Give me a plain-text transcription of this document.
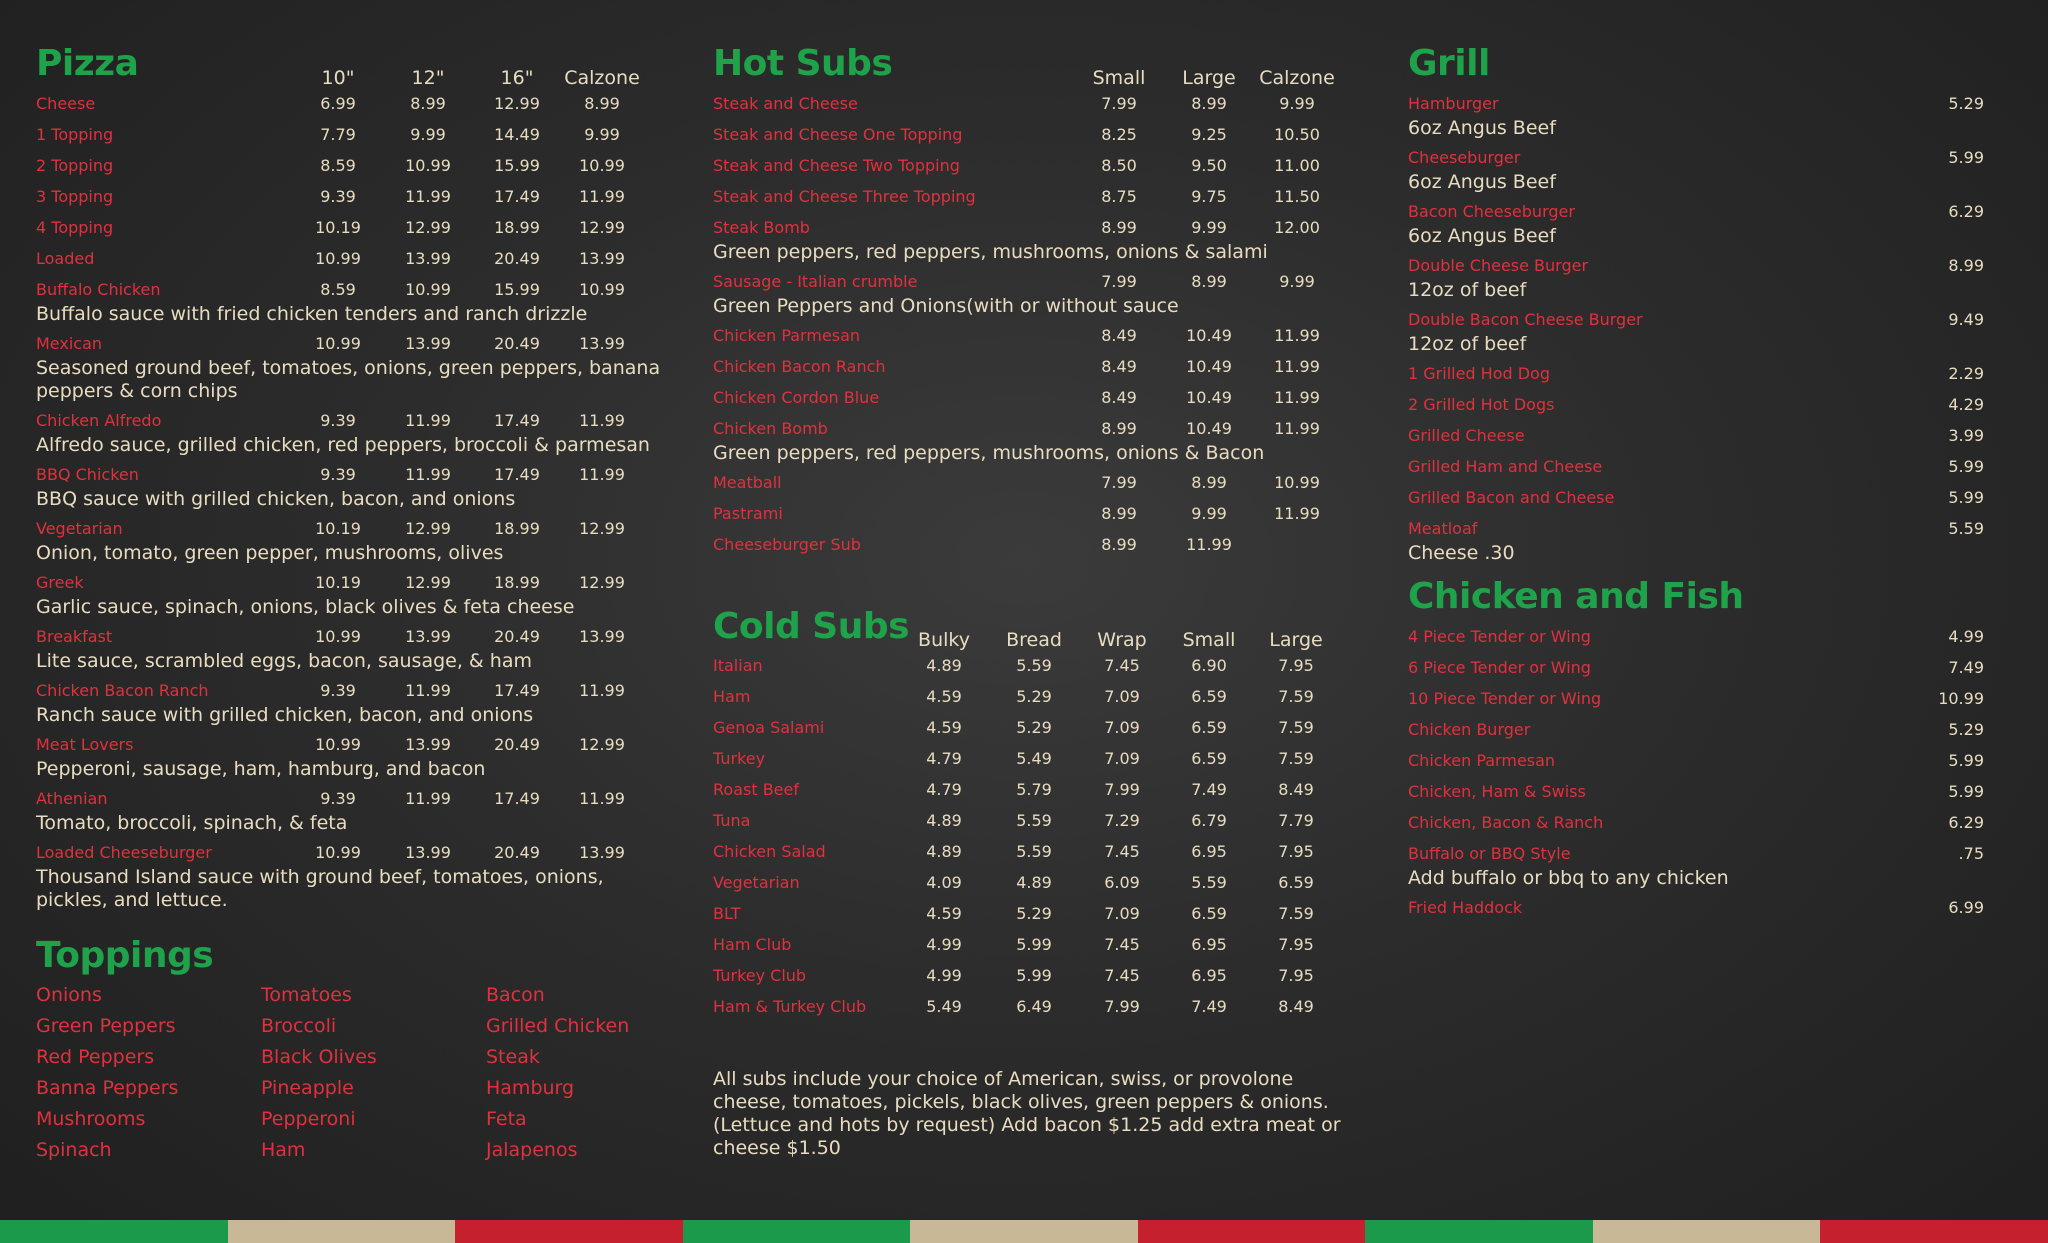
Pizza	10"	12"	16"	Calzone
Cheese	6.99	8.99	12.99	8.99
1 Topping	7.79	9.99	14.49	9.99
2 Topping	8.59	10.99	15.99	10.99
3 Topping	9.39	11.99	17.49	11.99
4 Topping	10.19	12.99	18.99	12.99
Loaded	10.99	13.99	20.49	13.99
Buffalo Chicken	8.59	10.99	15.99	10.99
Buffalo sauce with fried chicken tenders and ranch drizzle
Mexican	10.99	13.99	20.49	13.99
Seasoned ground beef, tomatoes, onions, green peppers, banana
peppers & corn chips
Chicken Alfredo	9.39	11.99	17.49	11.99
Alfredo sauce, grilled chicken, red peppers, broccoli & parmesan
BBQ Chicken	9.39	11.99	17.49	11.99
BBQ sauce with grilled chicken, bacon, and onions
Vegetarian	10.19	12.99	18.99	12.99
Onion, tomato, green pepper, mushrooms, olives
Greek	10.19	12.99	18.99	12.99
Garlic sauce, spinach, onions, black olives & feta cheese
Breakfast	10.99	13.99	20.49	13.99
Lite sauce, scrambled eggs, bacon, sausage, & ham
Chicken Bacon Ranch	9.39	11.99	17.49	11.99
Ranch sauce with grilled chicken, bacon, and onions
Meat Lovers	10.99	13.99	20.49	12.99
Pepperoni, sausage, ham, hamburg, and bacon
Athenian	9.39	11.99	17.49	11.99
Tomato, broccoli, spinach, & feta
Loaded Cheeseburger	10.99	13.99	20.49	13.99
Thousand Island sauce with ground beef, tomatoes, onions,
pickles, and lettuce.
Toppings
Onions
Green Peppers
Red Peppers
Banna Peppers
Mushrooms
Spinach
Tomatoes
Broccoli
Black Olives
Pineapple
Pepperoni
Ham
Bacon
Grilled Chicken
Steak
Hamburg
Feta
Jalapenos
Hot Subs	Small	Large	Calzone
Steak and Cheese	7.99	8.99	9.99
Steak and Cheese One Topping	8.25	9.25	10.50
Steak and Cheese Two Topping	8.50	9.50	11.00
Steak and Cheese Three Topping	8.75	9.75	11.50
Steak Bomb	8.99	9.99	12.00
Green peppers, red peppers, mushrooms, onions & salami
Sausage - Italian crumble	7.99	8.99	9.99
Green Peppers and Onions(with or without sauce
Chicken Parmesan	8.49	10.49	11.99
Chicken Bacon Ranch	8.49	10.49	11.99
Chicken Cordon Blue	8.49	10.49	11.99
Chicken Bomb	8.99	10.49	11.99
Green peppers, red peppers, mushrooms, onions & Bacon
Meatball	7.99	8.99	10.99
Pastrami	8.99	9.99	11.99
Cheeseburger Sub	8.99	11.99
Cold Subs
All subs include your choice of American, swiss, or provolone cheese, tomatoes, pickels, black olives, green peppers & onions. (Lettuce and hots by request) Add bacon $1.25 add extra meat or cheese $1.50
Bulky	Bread	Wrap	Small	Large
Italian	4.89	5.59	7.45	6.90	7.95
Ham	4.59	5.29	7.09	6.59	7.59
Genoa Salami	4.59	5.29	7.09	6.59	7.59
Turkey	4.79	5.49	7.09	6.59	7.59
Roast Beef	4.79	5.79	7.99	7.49	8.49
Tuna	4.89	5.59	7.29	6.79	7.79
Chicken Salad	4.89	5.59	7.45	6.95	7.95
Vegetarian	4.09	4.89	6.09	5.59	6.59
BLT	4.59	5.29	7.09	6.59	7.59
Ham Club	4.99	5.99	7.45	6.95	7.95
Turkey Club	4.99	5.99	7.45	6.95	7.95
Ham & Turkey Club	5.49	6.49	7.99	7.49	8.49
Grill
Hamburger	5.29
6oz Angus Beef
Cheeseburger	5.99
6oz Angus Beef
Bacon Cheeseburger	6.29
6oz Angus Beef
Double Cheese Burger	8.99
12oz of beef
Double Bacon Cheese Burger	9.49
12oz of beef
1 Grilled Hod Dog	2.29
2 Grilled Hot Dogs	4.29
Grilled Cheese	3.99
Grilled Ham and Cheese	5.99
Grilled Bacon and Cheese	5.99
Meatloaf	5.59
Cheese .30
Chicken and Fish
4 Piece Tender or Wing	4.99
6 Piece Tender or Wing	7.49
10 Piece Tender or Wing	10.99
Chicken Burger	5.29
Chicken Parmesan	5.99
Chicken, Ham & Swiss	5.99
Chicken, Bacon & Ranch	6.29
Buffalo or BBQ Style	.75
Add buffalo or bbq to any chicken
Fried Haddock	6.99
